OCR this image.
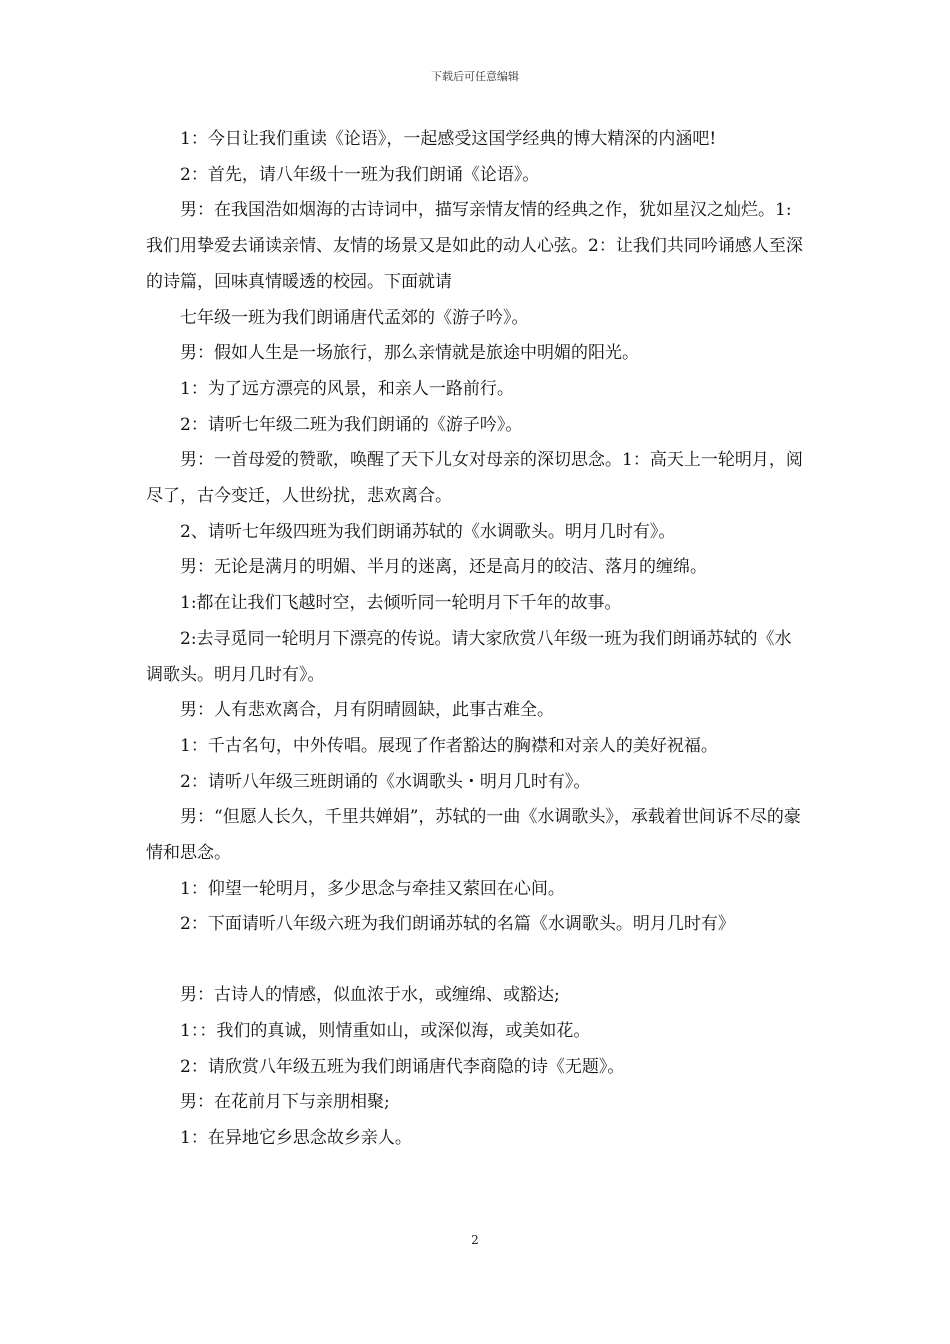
下载后可任意编辑

1：今日让我们重读《论语》，一起感受这国学经典的博大精深的内涵吧!

2：首先，请八年级十一班为我们朗诵《论语》。

男：在我国浩如烟海的古诗词中，描写亲情友情的经典之作，犹如星汉之灿烂。1:我们用挚爱去诵读亲情、友情的场景又是如此的动人心弦。2：让我们共同吟诵感人至深的诗篇，回味真情暖透的校园。下面就请

七年级一班为我们朗诵唐代孟郊的《游子吟》。

男：假如人生是一场旅行，那么亲情就是旅途中明媚的阳光。

1：为了远方漂亮的风景，和亲人一路前行。

2：请听七年级二班为我们朗诵的《游子吟》。

男：一首母爱的赞歌，唤醒了天下儿女对母亲的深切思念。1：高天上一轮明月，阅尽了，古今变迁，人世纷扰，悲欢离合。

2、请听七年级四班为我们朗诵苏轼的《水调歌头。明月几时有》。

男：无论是满月的明媚、半月的迷离，还是高月的皎洁、落月的缠绵。

1:都在让我们飞越时空，去倾听同一轮明月下千年的故事。

2:去寻觅同一轮明月下漂亮的传说。请大家欣赏八年级一班为我们朗诵苏轼的《水调歌头。明月几时有》。

男：人有悲欢离合，月有阴晴圆缺，此事古难全。

1：千古名句，中外传唱。展现了作者豁达的胸襟和对亲人的美好祝福。

2：请听八年级三班朗诵的《水调歌头・明月几时有》。

男：“但愿人长久，千里共婵娟”，苏轼的一曲《水调歌头》，承载着世间诉不尽的豪情和思念。

1：仰望一轮明月，多少思念与牵挂又萦回在心间。

2：下面请听八年级六班为我们朗诵苏轼的名篇《水调歌头。明月几时有》

男：古诗人的情感，似血浓于水，或缠绵、或豁达;

1：：我们的真诚，则情重如山，或深似海，或美如花。

2：请欣赏八年级五班为我们朗诵唐代李商隐的诗《无题》。

男：在花前月下与亲朋相聚;

1：在异地它乡思念故乡亲人。

2
